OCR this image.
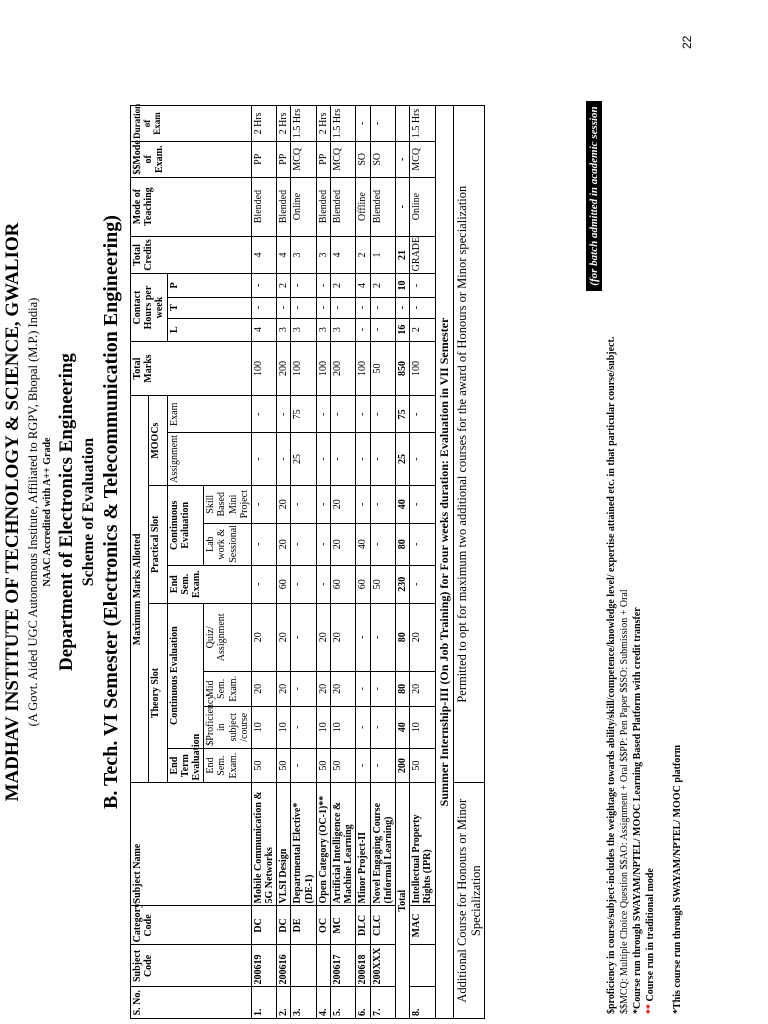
MADHAV INSTITUTE OF TECHNOLOGY & SCIENCE, GWALIOR (A Govt. Aided UGC Autonomous Institute, Affiliated to RGPV, Bhopal (M.P.) India) NAAC Accredited with A++ Grade Department of Electronics Engineering Scheme of Evaluation B. Tech. VI Semester (Electronics & Telecommunication Engineering)
S. No.	Subject Code	Category Code	Subject Name	Maximum Marks Allotted									Total Marks	Contact Hours per week			Total Credits	Mode of Teaching	$$Mode of Exam.	Duration of Exam
				Theory Slot				Practical Slot			MOOCs									
				End Term Evaluation	Continuous Evaluation			End Sem. Exam.	Continuous Evaluation		Assignment	Exam		L	T	P				
				End Sem. Exam.	$Proficiency in subject /course	Mid Sem. Exam.	Quiz/ Assignment		Lab work & Sessional	Skill Based Mini Project										
1.	200619	DC	Mobile Communication & 5G Networks	50	10	20	20	-	-	-	-	-	100	4	-	-	4	Blended	PP	2 Hrs
2.	200616	DC	VLSI Design	50	10	20	20	60	20	20	-	-	200	3	-	2	4	Blended	PP	2 Hrs
3.		DE	Departmental Elective* (DE-1)	-	-	-	-	-	-	-	25	75	100	3	-	-	3	Online	MCQ	1.5 Hrs
4.		OC	Open Category (OC-1)**	50	10	20	20	-	-	-	-	-	100	3	-	-	3	Blended	PP	2 Hrs
5.	200617	MC	Artificial Intelligence & Machine Learning	50	10	20	20	60	20	20	-	-	200	3	-	2	4	Blended	MCQ	1.5 Hrs
6.	200618	DLC	Minor Project-II	-	-	-	-	60	40	-	-	-	100	-	-	4	2	Offline	SO	-
7.	200XXX	CLC	Novel Engaging Course (Informal Learning)	-	-	-	-	50	-	-	-	-	50	-	-	2	1	Blended	SO	-
Total				200	40	80	80	230	80	40	25	75	850	16	-	10	21	-	-	
8.		MAC	Intellectual Property Rights (IPR)	50	10	20	20	-	-	-	-	-	100	2	-	-	GRADE	Online	MCQ	1.5 Hrs
Summer Internship-III (On Job Training) for Four weeks duration: Evaluation in VII Semester																				
Additional Course for Honours or Minor Specialization				Permitted to opt for maximum two additional courses for the award of Honours or Minor specialization																	(for batch admitted in academic session 2020-21)
$proficiency in course/subject-includes the weightage towards ability/skill/competence/knowledge level/ expertise attained etc. in that particular course/subject. $$MCQ: Multiple Choice Question $$AO: Assignment + Oral $$PP: Pen Paper $$SO: Submission + Oral *Course run through SWAYAM/NPTEL/ MOOC Learning Based Platform with credit transfer ** Course run in traditional mode *This course run through SWAYAM/NPTEL/ MOOC platform
22
